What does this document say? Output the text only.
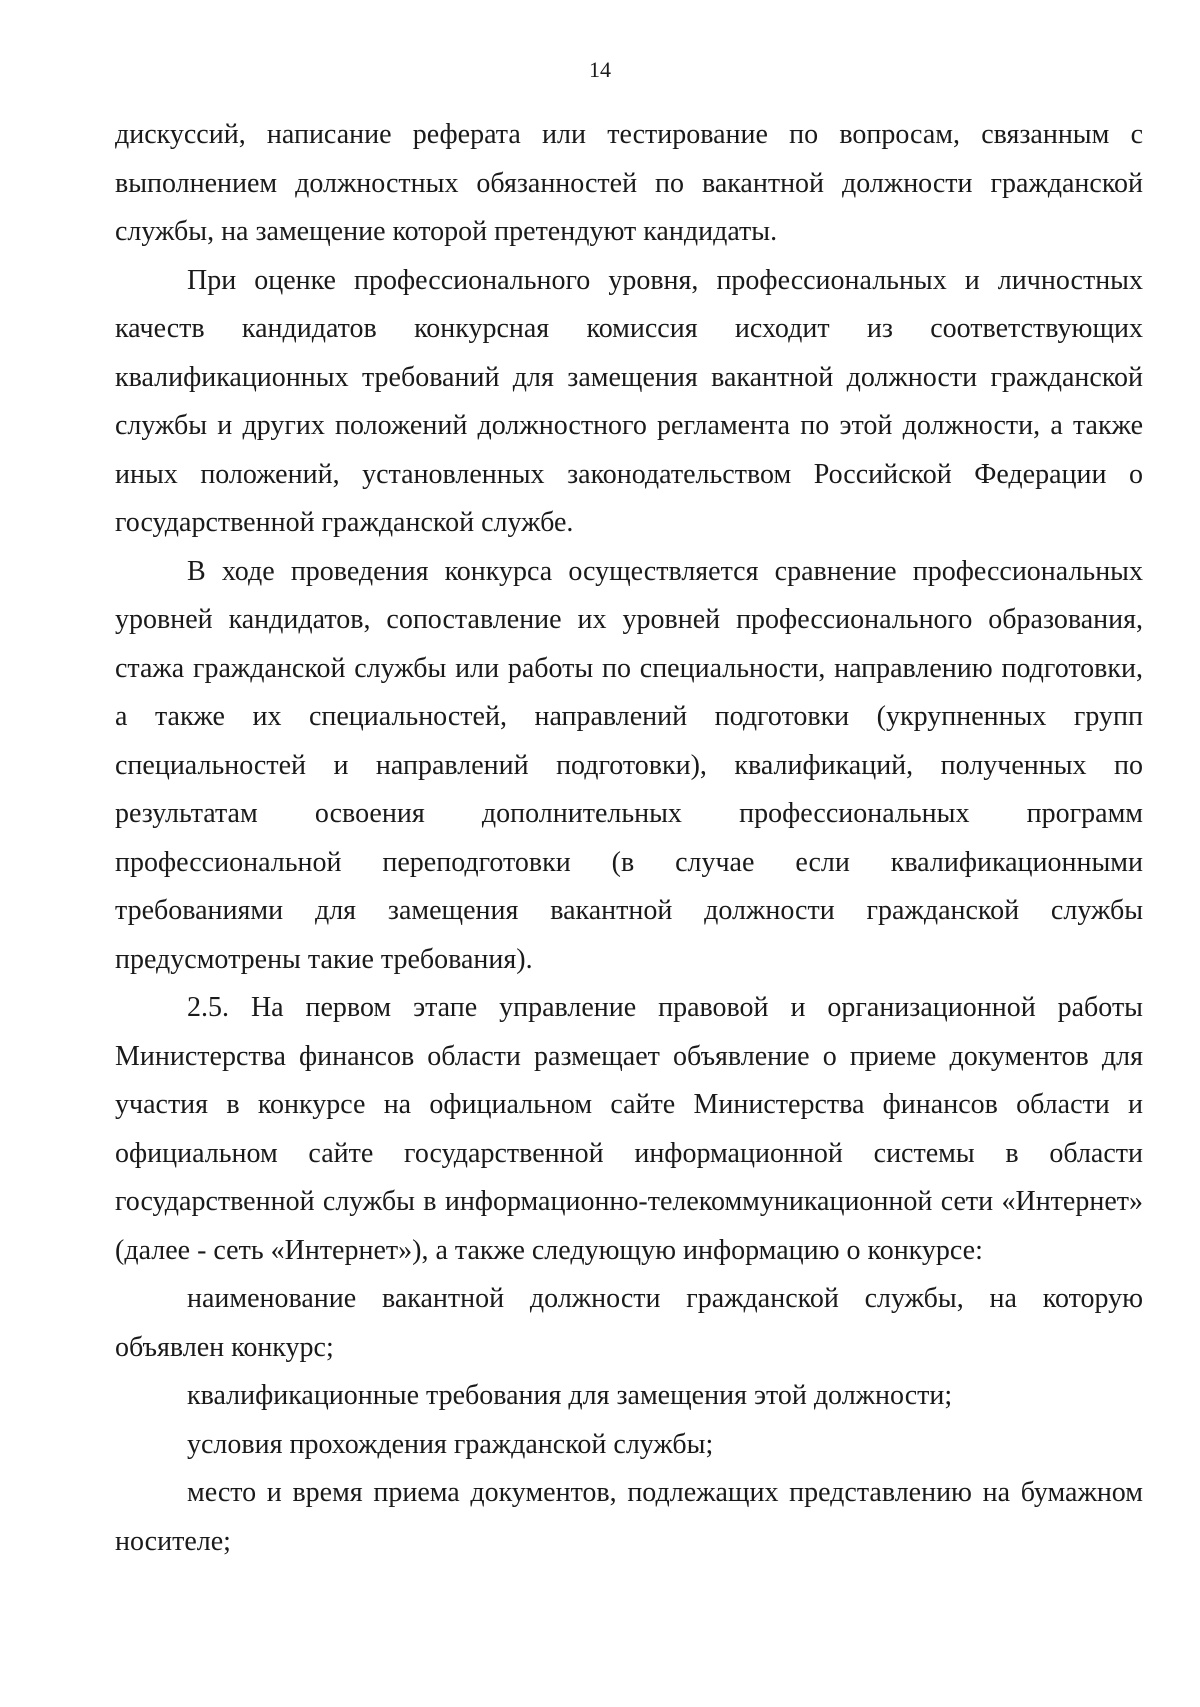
14

дискуссий, написание реферата или тестирование по вопросам, связанным с выполнением должностных обязанностей по вакантной должности гражданской службы, на замещение которой претендуют кандидаты.

При оценке профессионального уровня, профессиональных и личностных качеств кандидатов конкурсная комиссия исходит из соответствующих квалификационных требований для замещения вакантной должности гражданской службы и других положений должностного регламента по этой должности, а также иных положений, установленных законодательством Российской Федерации о государственной гражданской службе.

В ходе проведения конкурса осуществляется сравнение профессиональных уровней кандидатов, сопоставление их уровней профессионального образования, стажа гражданской службы или работы по специальности, направлению подготовки, а также их специальностей, направлений подготовки (укрупненных групп специальностей и направлений подготовки), квалификаций, полученных по результатам освоения дополнительных профессиональных программ профессиональной переподготовки (в случае если квалификационными требованиями для замещения вакантной должности гражданской службы предусмотрены такие требования).

2.5. На первом этапе управление правовой и организационной работы Министерства финансов области размещает объявление о приеме документов для участия в конкурсе на официальном сайте Министерства финансов области и официальном сайте государственной информационной системы в области государственной службы в информационно-телекоммуникационной сети «Интернет» (далее - сеть «Интернет»), а также следующую информацию о конкурсе:

наименование вакантной должности гражданской службы, на которую объявлен конкурс;

квалификационные требования для замещения этой должности;

условия прохождения гражданской службы;

место и время приема документов, подлежащих представлению на бумажном носителе;
